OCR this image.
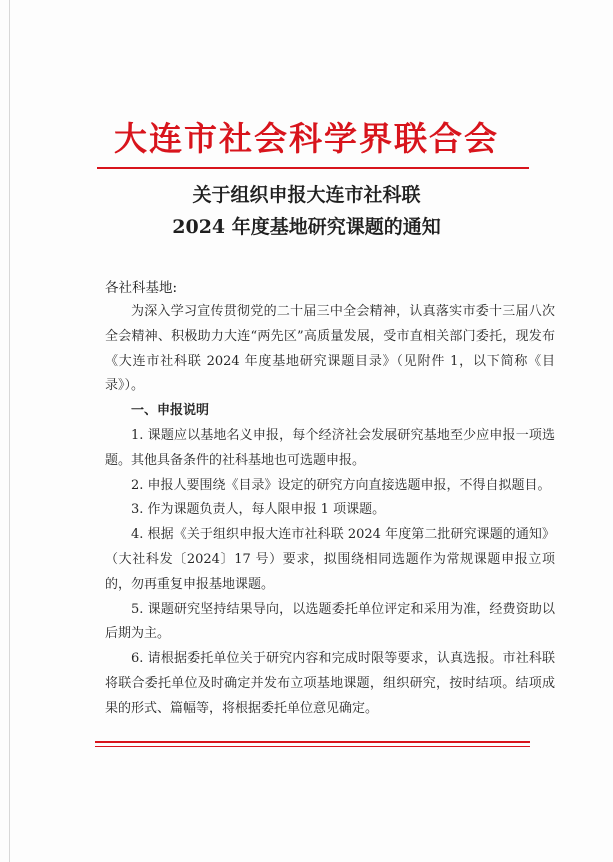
大连市社会科学界联合会
关于组织申报大连市社科联
2024 年度基地研究课题的通知
各社科基地:

为深入学习宣传贯彻党的二十届三中全会精神，认真落实市委十三届八次全会精神、积极助力大连“两先区”高质量发展，受市直相关部门委托，现发布《大连市社科联 2024 年度基地研究课题目录》（见附件 1，以下简称《目录》）。

一、申报说明

1. 课题应以基地名义申报，每个经济社会发展研究基地至少应申报一项选题。其他具备条件的社科基地也可选题申报。

2. 申报人要围绕《目录》设定的研究方向直接选题申报，不得自拟题目。

3. 作为课题负责人，每人限申报 1 项课题。

4. 根据《关于组织申报大连市社科联 2024 年度第二批研究课题的通知》（大社科发〔2024〕17 号）要求，拟围绕相同选题作为常规课题申报立项的，勿再重复申报基地课题。

5. 课题研究坚持结果导向，以选题委托单位评定和采用为准，经费资助以后期为主。

6. 请根据委托单位关于研究内容和完成时限等要求，认真选报。市社科联将联合委托单位及时确定并发布立项基地课题，组织研究，按时结项。结项成果的形式、篇幅等，将根据委托单位意见确定。
